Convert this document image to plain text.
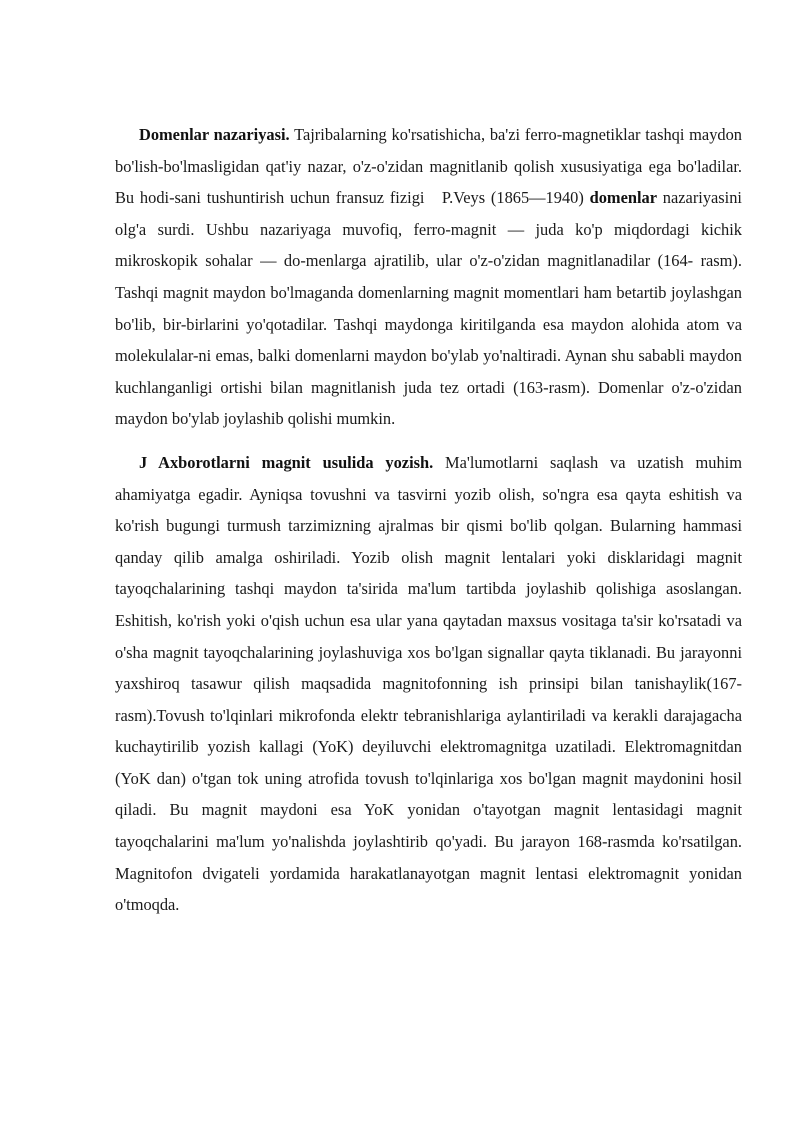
Domenlar nazariyasi. Tajribalarning ko'rsatishicha, ba'zi ferro-magnetiklar tashqi maydon bo'lish-bo'lmasligidan qat'iy nazar, o'z-o'zidan magnitlanib qolish xususiyatiga ega bo'ladilar. Bu hodi-sani tushuntirish uchun fransuz fizigi   P.Veys (1865—1940) domenlar nazariyasini olg'a surdi. Ushbu nazariyaga muvofiq, ferro-magnit — juda ko'p miqdordagi kichik mikroskopik sohalar — do-menlarga ajratilib, ular o'z-o'zidan magnitlanadilar (164- rasm). Tashqi magnit maydon bo'lmaganda domenlarning magnit momentlari ham betartib joylashgan bo'lib, bir-birlarini yo'qotadilar. Tashqi maydonga kiritilganda esa maydon alohida atom va molekulalar-ni emas, balki domenlarni maydon bo'ylab yo'naltiradi. Aynan shu sababli maydon kuchlanganligi ortishi bilan magnitlanish juda tez ortadi (163-rasm). Domenlar o'z-o'zidan maydon bo'ylab joylashib qolishi mumkin.

J Axborotlarni magnit usulida yozish. Ma'lumotlarni saqlash va uzatish muhim ahamiyatga egadir. Ayniqsa tovushni va tasvirni yozib olish, so'ngra esa qayta eshitish va ko'rish bugungi turmush tarzimizning ajralmas bir qismi bo'lib qolgan. Bularning hammasi qanday qilib amalga oshiriladi. Yozib olish magnit lentalari yoki disklaridagi magnit tayoqchalarining tashqi maydon ta'sirida ma'lum tartibda joylashib qolishiga asoslangan. Eshitish, ko'rish yoki o'qish uchun esa ular yana qaytadan maxsus vositaga ta'sir ko'rsatadi va o'sha magnit tayoqchalarining joylashuviga xos bo'lgan signallar qayta tiklanadi. Bu jarayonni yaxshiroq tasawur qilish maqsadida magnitofonning ish prinsipi bilan tanishaylik(167-rasm).Tovush to'lqinlari mikrofonda elektr tebranishlariga aylantiriladi va kerakli darajagacha kuchaytirilib yozish kallagi (YoK) deyiluvchi elektromagnitga uzatiladi. Elektromagnitdan (YoK dan) o'tgan tok uning atrofida tovush to'lqinlariga xos bo'lgan magnit maydonini hosil qiladi. Bu magnit maydoni esa YoK yonidan o'tayotgan magnit lentasidagi magnit tayoqchalarini ma'lum yo'nalishda joylashtirib qo'yadi. Bu jarayon 168-rasmda ko'rsatilgan. Magnitofon dvigateli yordamida harakatlanayotgan magnit lentasi elektromagnit yonidan o'tmoqda.
